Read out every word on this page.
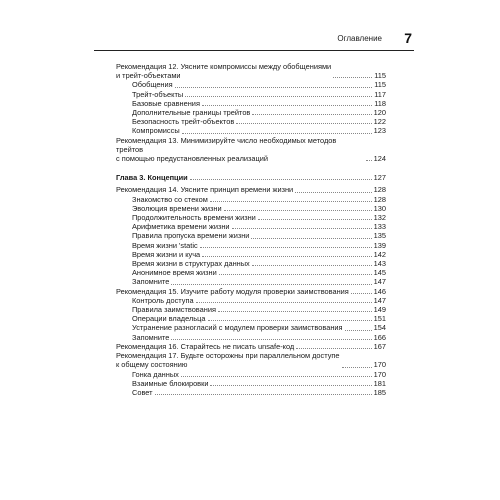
Оглавление 7
Рекомендация 12. Уясните компромиссы между обобщениями
и трейт-объектами	115
Обобщения	115
Трейт-объекты	117
Базовые сравнения	118
Дополнительные границы трейтов	120
Безопасность трейт-объектов	122
Компромиссы	123
Рекомендация 13. Минимизируйте число необходимых методов трейтов
с помощью предустановленных реализаций	124
Глава 3. Концепции	127
Рекомендация 14. Уясните принцип времени жизни	128
Знакомство со стеком	128
Эволюция времени жизни	130
Продолжительность времени жизни	132
Арифметика времени жизни	133
Правила пропуска времени жизни	135
Время жизни 'static	139
Время жизни и куча	142
Время жизни в структурах данных	143
Анонимное время жизни	145
Запомните	147
Рекомендация 15. Изучите работу модуля проверки заимствования	146
Контроль доступа	147
Правила заимствования	149
Операции владельца	151
Устранение разногласий с модулем проверки заимствования	154
Запомните	166
Рекомендация 16. Старайтесь не писать unsafe-код	167
Рекомендация 17. Будьте осторожны при параллельном доступе
к общему состоянию	170
Гонка данных	170
Взаимные блокировки	181
Совет	185
